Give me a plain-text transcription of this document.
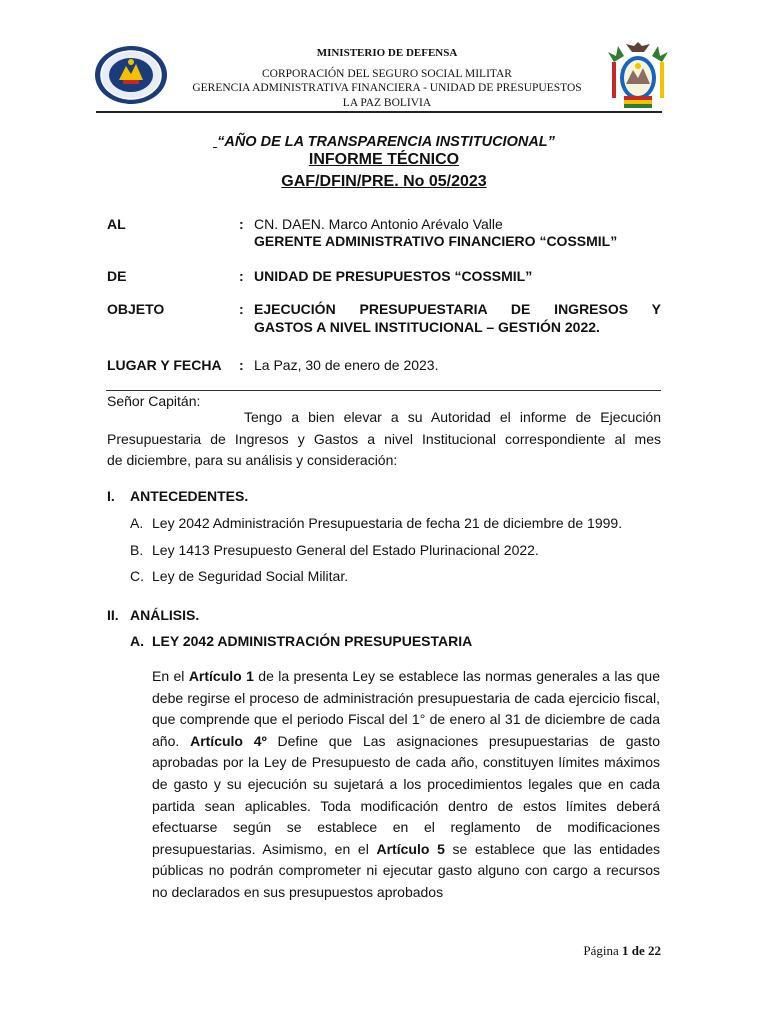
MINISTERIO DE DEFENSA
CORPORACIÓN DEL SEGURO SOCIAL MILITAR
GERENCIA ADMINISTRATIVA FINANCIERA - UNIDAD DE PRESUPUESTOS
LA PAZ BOLIVIA
“AÑO DE LA TRANSPARENCIA INSTITUCIONAL”
INFORME TÉCNICO
GAF/DFIN/PRE. No 05/2023
AL	: CN. DAEN. Marco Antonio Arévalo Valle
GERENTE ADMINISTRATIVO FINANCIERO “COSSMIL”
DE	: UNIDAD DE PRESUPUESTOS “COSSMIL”
OBJETO	: EJECUCIÓN PRESUPUESTARIA DE INGRESOS Y
GASTOS A NIVEL INSTITUCIONAL – GESTIÓN 2022.
LUGAR Y FECHA : La Paz, 30 de enero de 2023.
Señor Capitán:
Tengo a bien elevar a su Autoridad el informe de Ejecución
Presupuestaria de Ingresos y Gastos a nivel Institucional correspondiente al mes
de diciembre, para su análisis y consideración:
I. ANTECEDENTES.
A. Ley 2042 Administración Presupuestaria de fecha 21 de diciembre de 1999.
B. Ley 1413 Presupuesto General del Estado Plurinacional 2022.
C. Ley de Seguridad Social Militar.
II. ANÁLISIS.
A. LEY 2042 ADMINISTRACIÓN PRESUPUESTARIA
En el Artículo 1 de la presenta Ley se establece las normas generales a las que debe regirse el proceso de administración presupuestaria de cada ejercicio fiscal, que comprende que el periodo Fiscal del 1° de enero al 31 de diciembre de cada año. Artículo 4º Define que Las asignaciones presupuestarias de gasto aprobadas por la Ley de Presupuesto de cada año, constituyen límites máximos de gasto y su ejecución su sujetará a los procedimientos legales que en cada partida sean aplicables. Toda modificación dentro de estos límites deberá efectuarse según se establece en el reglamento de modificaciones presupuestarias. Asimismo, en el Artículo 5 se establece que las entidades públicas no podrán comprometer ni ejecutar gasto alguno con cargo a recursos no declarados en sus presupuestos aprobados
Página 1 de 22
